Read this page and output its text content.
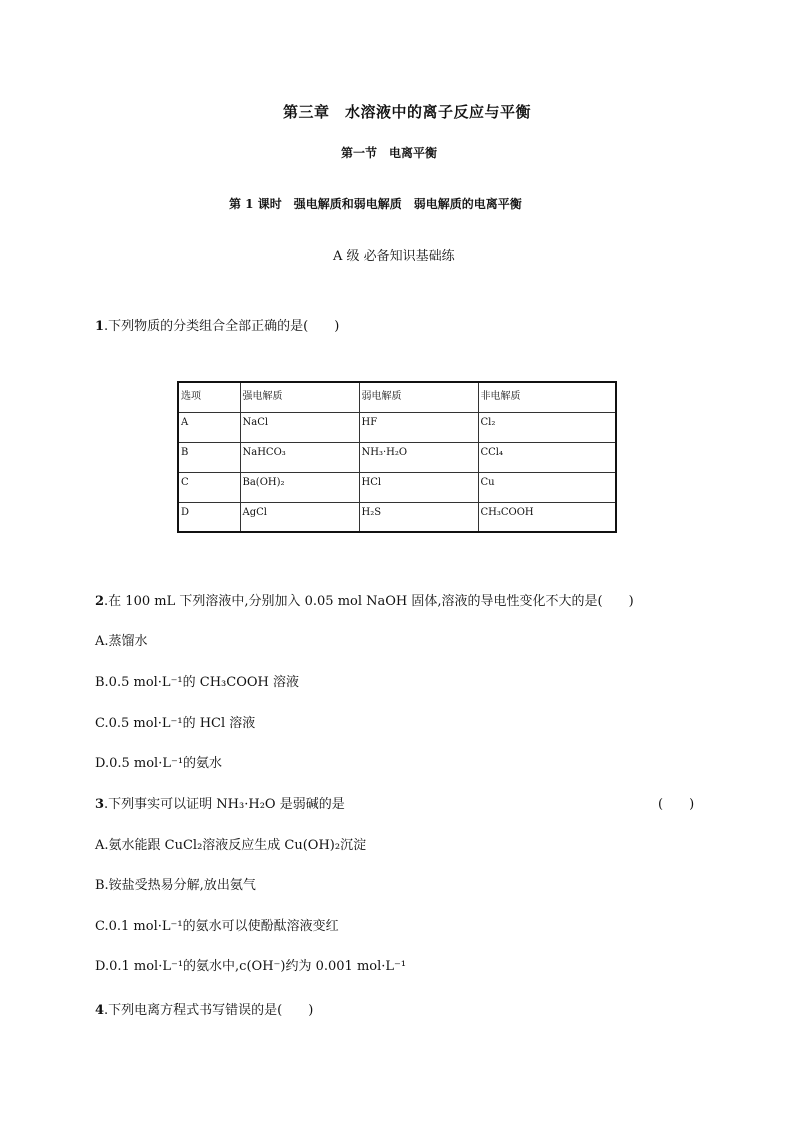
第三章　水溶液中的离子反应与平衡
第一节　电离平衡
第 1 课时　强电解质和弱电解质　弱电解质的电离平衡
A 级 必备知识基础练
1.下列物质的分类组合全部正确的是(　　)
选项	强电解质	弱电解质	非电解质
A	NaCl	HF	Cl₂
B	NaHCO₃	NH₃·H₂O	CCl₄
C	Ba(OH)₂	HCl	Cu
D	AgCl	H₂S	CH₃COOH
2.在 100 mL 下列溶液中,分别加入 0.05 mol NaOH 固体,溶液的导电性变化不大的是(　　)
A.蒸馏水
B.0.5 mol·L⁻¹的 CH₃COOH 溶液
C.0.5 mol·L⁻¹的 HCl 溶液
D.0.5 mol·L⁻¹的氨水
3.下列事实可以证明 NH₃·H₂O 是弱碱的是	(　　)
A.氨水能跟 CuCl₂溶液反应生成 Cu(OH)₂沉淀
B.铵盐受热易分解,放出氨气
C.0.1 mol·L⁻¹的氨水可以使酚酞溶液变红
D.0.1 mol·L⁻¹的氨水中,c(OH⁻)约为 0.001 mol·L⁻¹
4.下列电离方程式书写错误的是(　　)
